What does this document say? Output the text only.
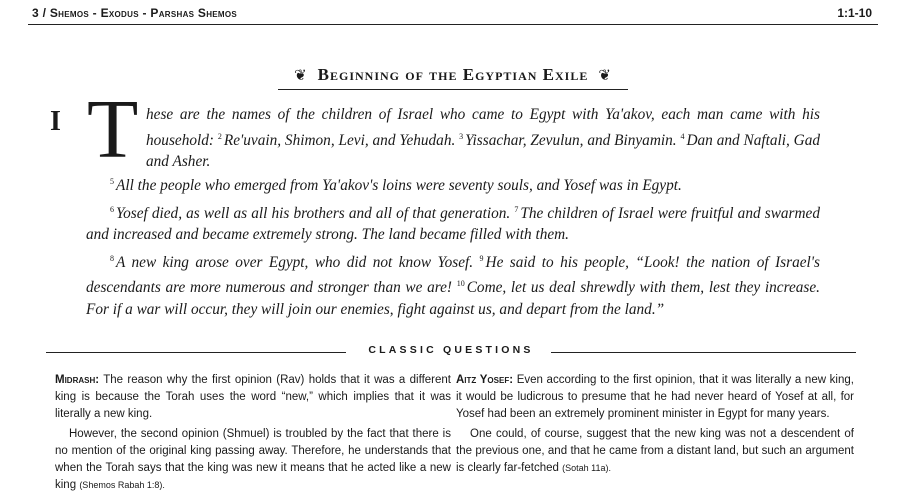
3 / Shemos - Exodus - Parshas Shemos	1:1-10
❦ Beginning of the Egyptian Exile ❦
I T hese are the names of the children of Israel who came to Egypt with Ya'akov, each man came with his household: $^2$ Re'uvain, Shimon, Levi, and Yehudah. $^3$ Yissachar, Zevulun, and Binyamin. $^4$ Dan and Naftali, Gad and Asher.

$^5$ All the people who emerged from Ya'akov's loins were seventy souls, and Yosef was in Egypt.

$^6$ Yosef died, as well as all his brothers and all of that generation. $^7$ The children of Israel were fruitful and swarmed and increased and became extremely strong. The land became filled with them.

$^8$ A new king arose over Egypt, who did not know Yosef. $^9$ He said to his people, “Look! the nation of Israel's descendants are more numerous and stronger than we are! $^{10}$ Come, let us deal shrewdly with them, lest they increase. For if a war will occur, they will join our enemies, fight against us, and depart from the land.”

CLASSIC QUESTIONS

Midrash: The reason why the first opinion (Rav) holds that it was a different king is because the Torah uses the word “new,” which implies that it was literally a new king.

However, the second opinion (Shmuel) is troubled by the fact that there is no mention of the original king passing away. Therefore, he understands that when the Torah says that the king was new it means that he acted like a new king (Shemos Rabah 1:8).

Aitz Yosef: Even according to the first opinion, that it was literally a new king, it would be ludicrous to presume that he had never heard of Yosef at all, for Yosef had been an extremely prominent minister in Egypt for many years.

One could, of course, suggest that the new king was not a descendent of the previous one, and that he came from a distant land, but such an argument is clearly far-fetched (Sotah 11a).
